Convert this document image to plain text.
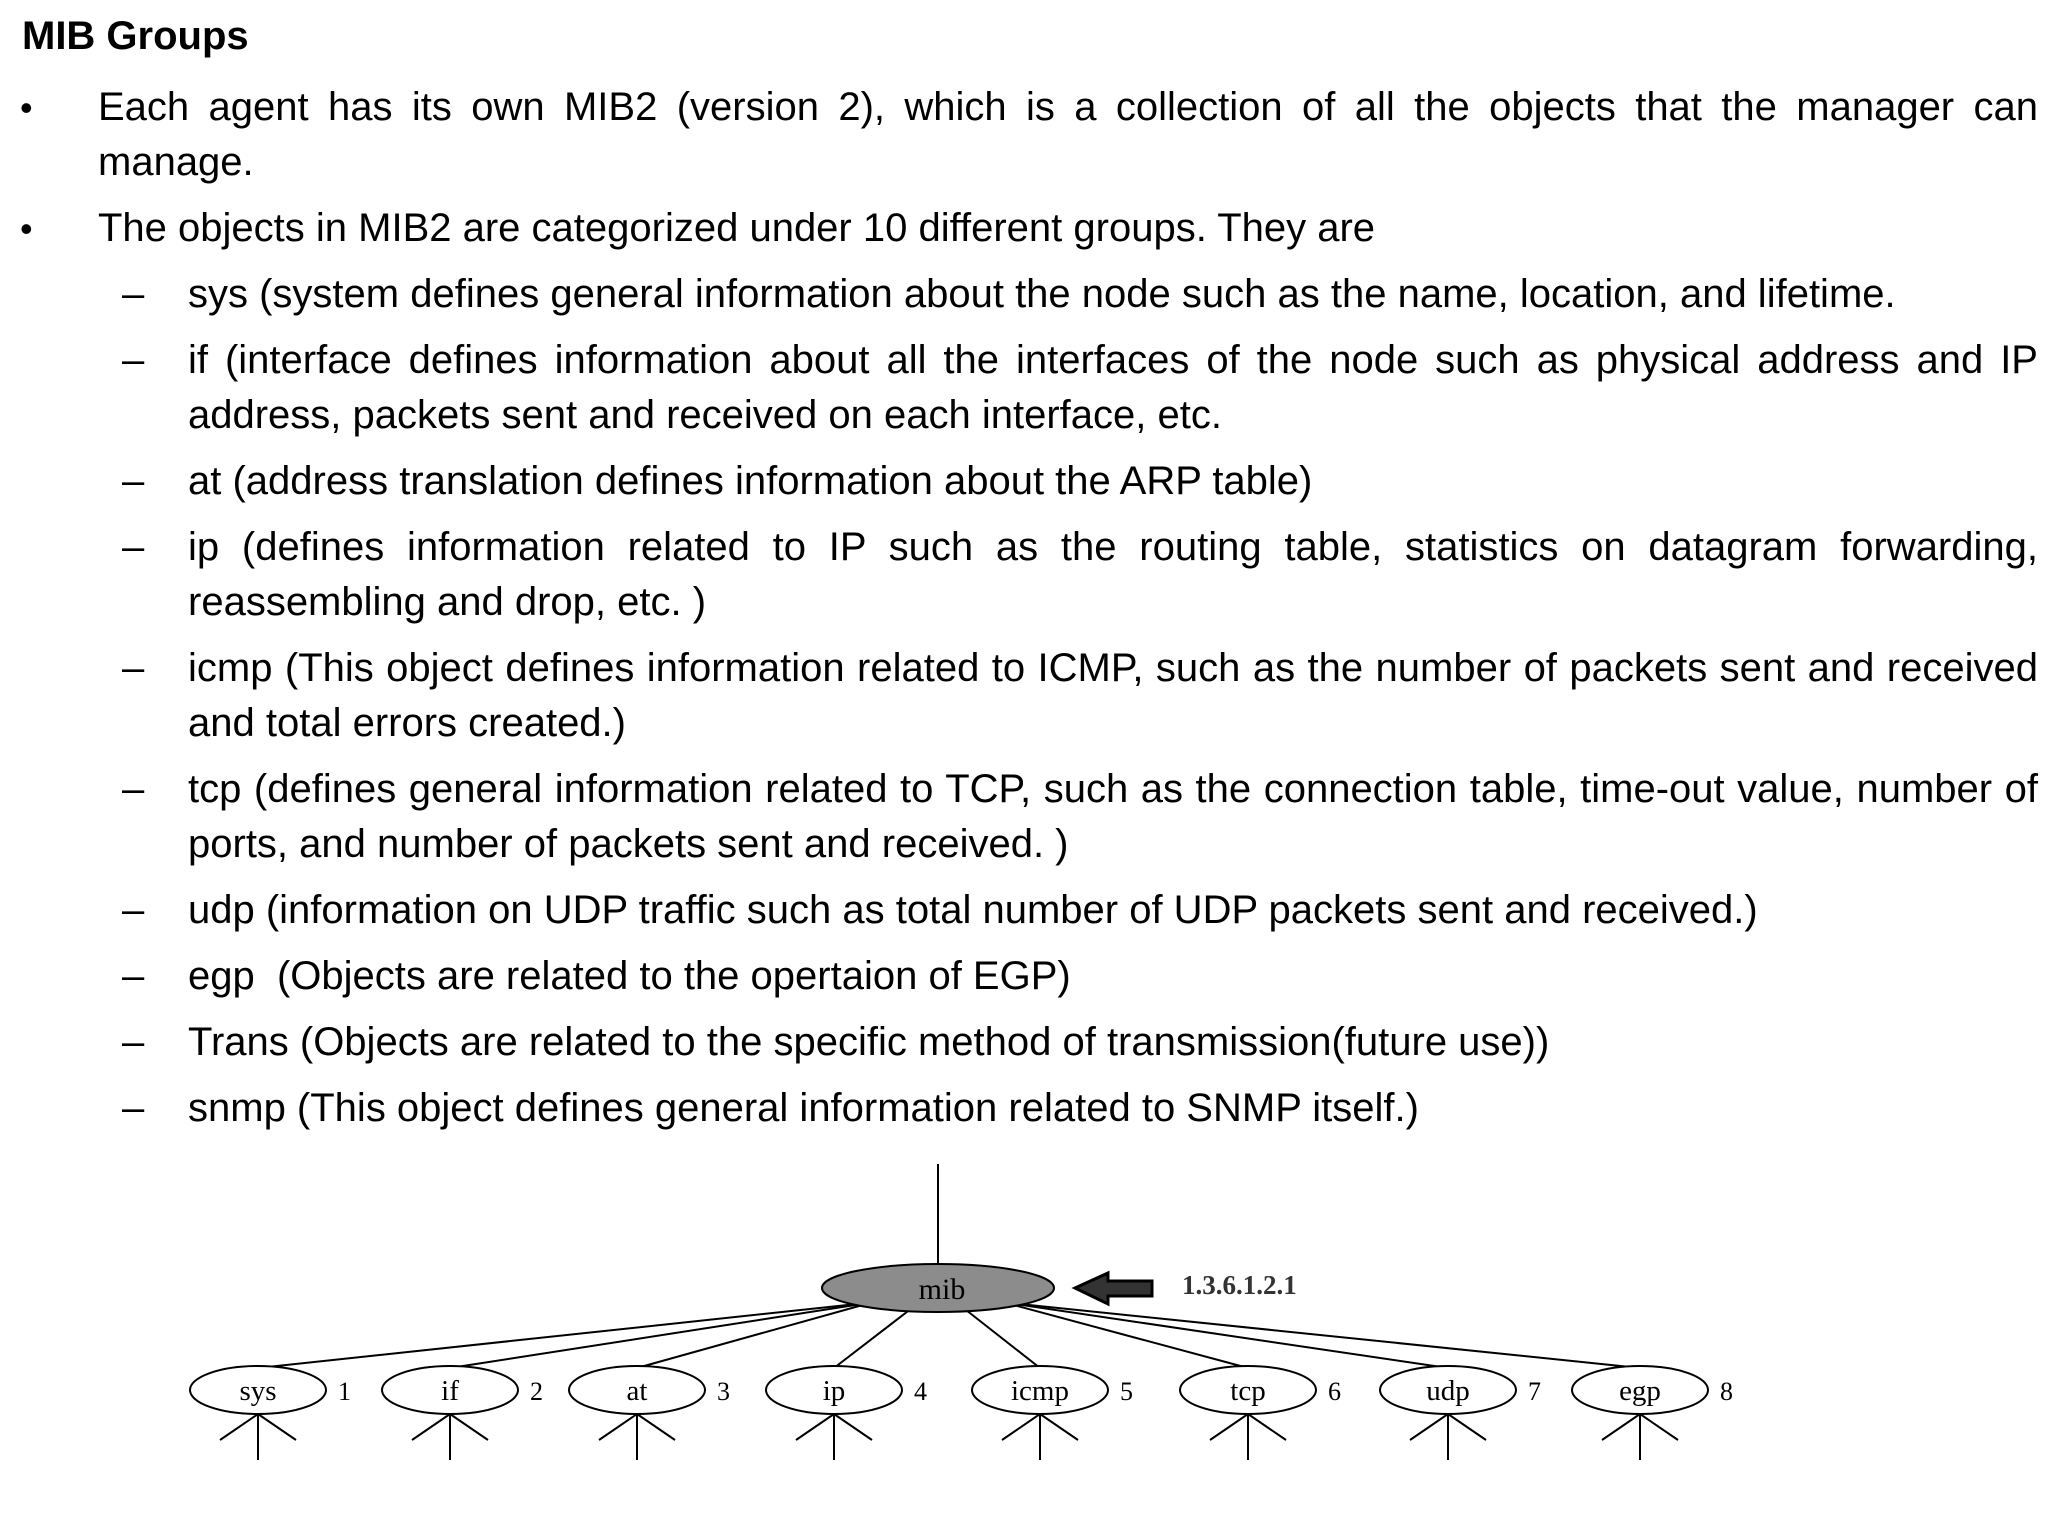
MIB Groups
• Each agent has its own MIB2 (version 2), which is a collection of all the objects that the manager can manage.
• The objects in MIB2 are categorized under 10 different groups. They are
– sys (system defines general information about the node such as the name, location, and lifetime.
– if (interface defines information about all the interfaces of the node such as physical address and IP address, packets sent and received on each interface, etc.
– at (address translation defines information about the ARP table)
– ip (defines information related to IP such as the routing table, statistics on datagram forwarding, reassembling and drop, etc. )
– icmp (This object defines information related to ICMP, such as the number of packets sent and received and total errors created.)
– tcp (defines general information related to TCP, such as the connection table, time-out value, number of ports, and number of packets sent and received. )
– udp (information on UDP traffic such as total number of UDP packets sent and received.)
– egp  (Objects are related to the opertaion of EGP)
– Trans (Objects are related to the specific method of transmission(future use))
– snmp (This object defines general information related to SNMP itself.)
mib	1.3.6.1.2.1
sys 1	if	2	at	3	ip	4	icmp 5	tcp 6	udp 7	egp 8
